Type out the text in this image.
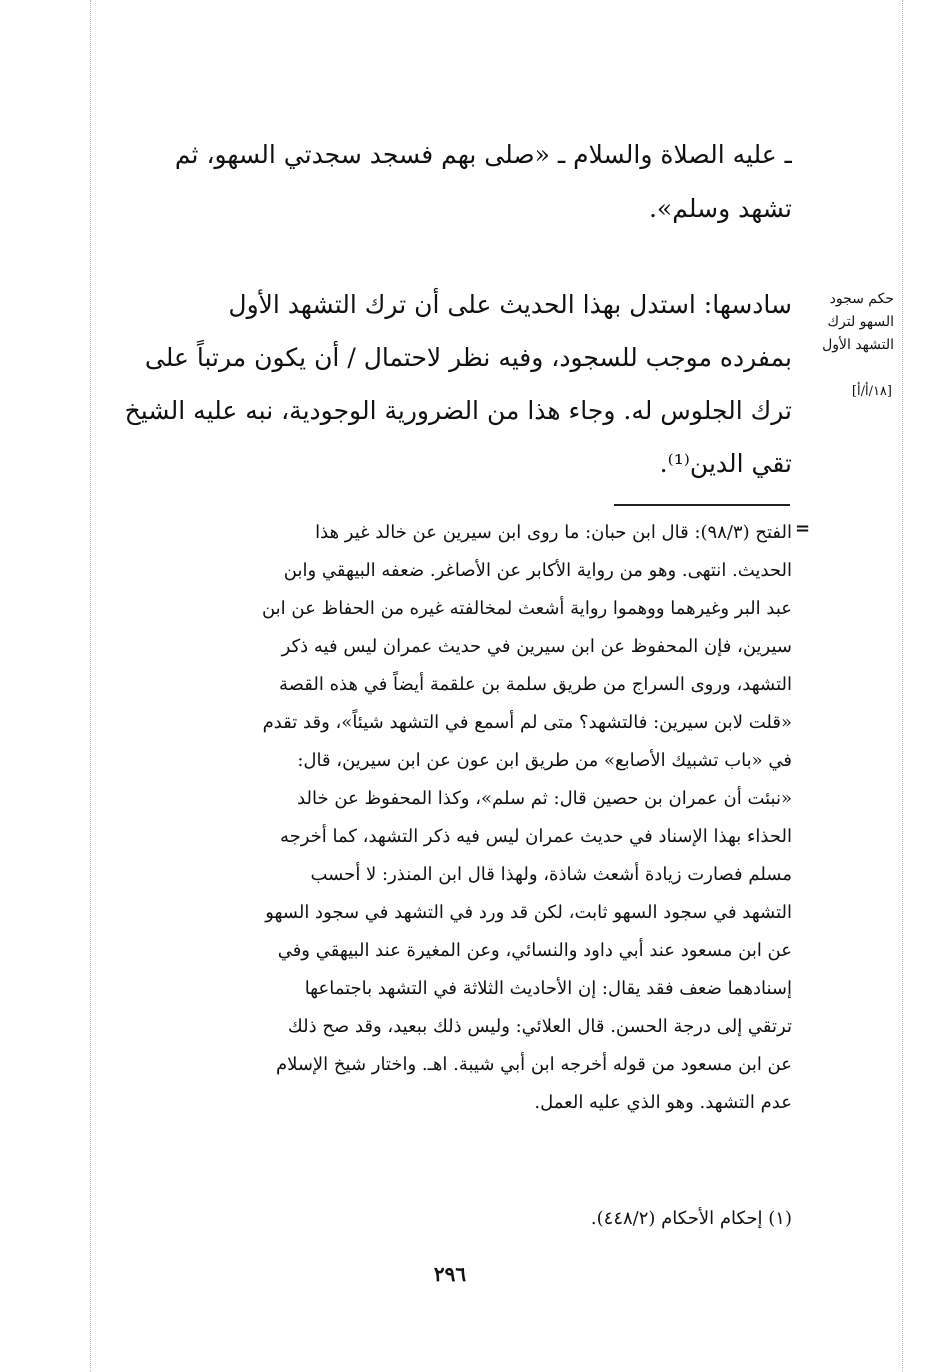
ـ عليه الصلاة والسلام ـ «صلى بهم فسجد سجدتي السهو، ثم
تشهد وسلم».
سادسها: استدل بهذا الحديث على أن ترك التشهد الأول
بمفرده موجب للسجود، وفيه نظر لاحتمال / أن يكون مرتباً على
ترك الجلوس له. وجاء هذا من الضرورية الوجودية، نبه عليه الشيخ
تقي الدين⁽¹⁾.
حكم سجود
السهو لترك
التشهد الأول
[١٨/أ/أ]
=
الفتح (٩٨/٣): قال ابن حبان: ما روى ابن سيرين عن خالد غير هذا
الحديث. انتهى. وهو من رواية الأكابر عن الأصاغر. ضعفه البيهقي وابن
عبد البر وغيرهما ووهموا رواية أشعث لمخالفته غيره من الحفاظ عن ابن
سيرين، فإن المحفوظ عن ابن سيرين في حديث عمران ليس فيه ذكر
التشهد، وروى السراج من طريق سلمة بن علقمة أيضاً في هذه القصة
«قلت لابن سيرين: فالتشهد؟ متى لم أسمع في التشهد شيئاً»، وقد تقدم
في «باب تشبيك الأصابع» من طريق ابن عون عن ابن سيرين، قال:
«نبئت أن عمران بن حصين قال: ثم سلم»، وكذا المحفوظ عن خالد
الحذاء بهذا الإسناد في حديث عمران ليس فيه ذكر التشهد، كما أخرجه
مسلم فصارت زيادة أشعث شاذة، ولهذا قال ابن المنذر: لا أحسب
التشهد في سجود السهو ثابت، لكن قد ورد في التشهد في سجود السهو
عن ابن مسعود عند أبي داود والنسائي، وعن المغيرة عند البيهقي وفي
إسنادهما ضعف فقد يقال: إن الأحاديث الثلاثة في التشهد باجتماعها
ترتقي إلى درجة الحسن. قال العلائي: وليس ذلك ببعيد، وقد صح ذلك
عن ابن مسعود من قوله أخرجه ابن أبي شيبة. اهـ. واختار شيخ الإسلام
عدم التشهد. وهو الذي عليه العمل.
(١) إحكام الأحكام (٤٤٨/٢).
٢٩٦
